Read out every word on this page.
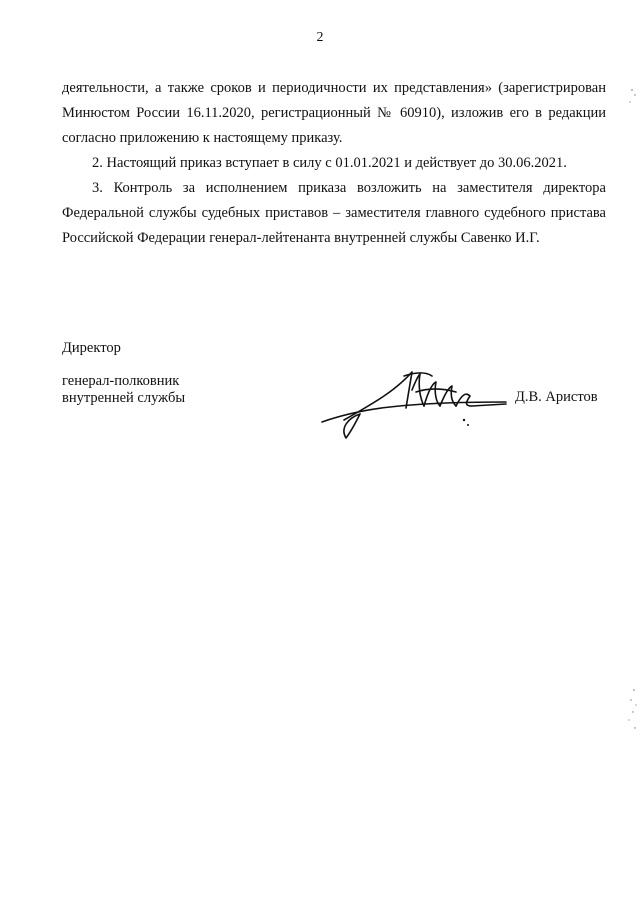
2

деятельности, а также сроков и периодичности их представления» (зарегистрирован Минюстом России 16.11.2020, регистрационный № 60910), изложив его в редакции согласно приложению к настоящему приказу.

2. Настоящий приказ вступает в силу с 01.01.2021 и действует до 30.06.2021.

3. Контроль за исполнением приказа возложить на заместителя директора Федеральной службы судебных приставов – заместителя главного судебного пристава Российской Федерации генерал-лейтенанта внутренней службы Савенко И.Г.

Директор
генерал-полковник
внутренней службы	Д.В. Аристов
